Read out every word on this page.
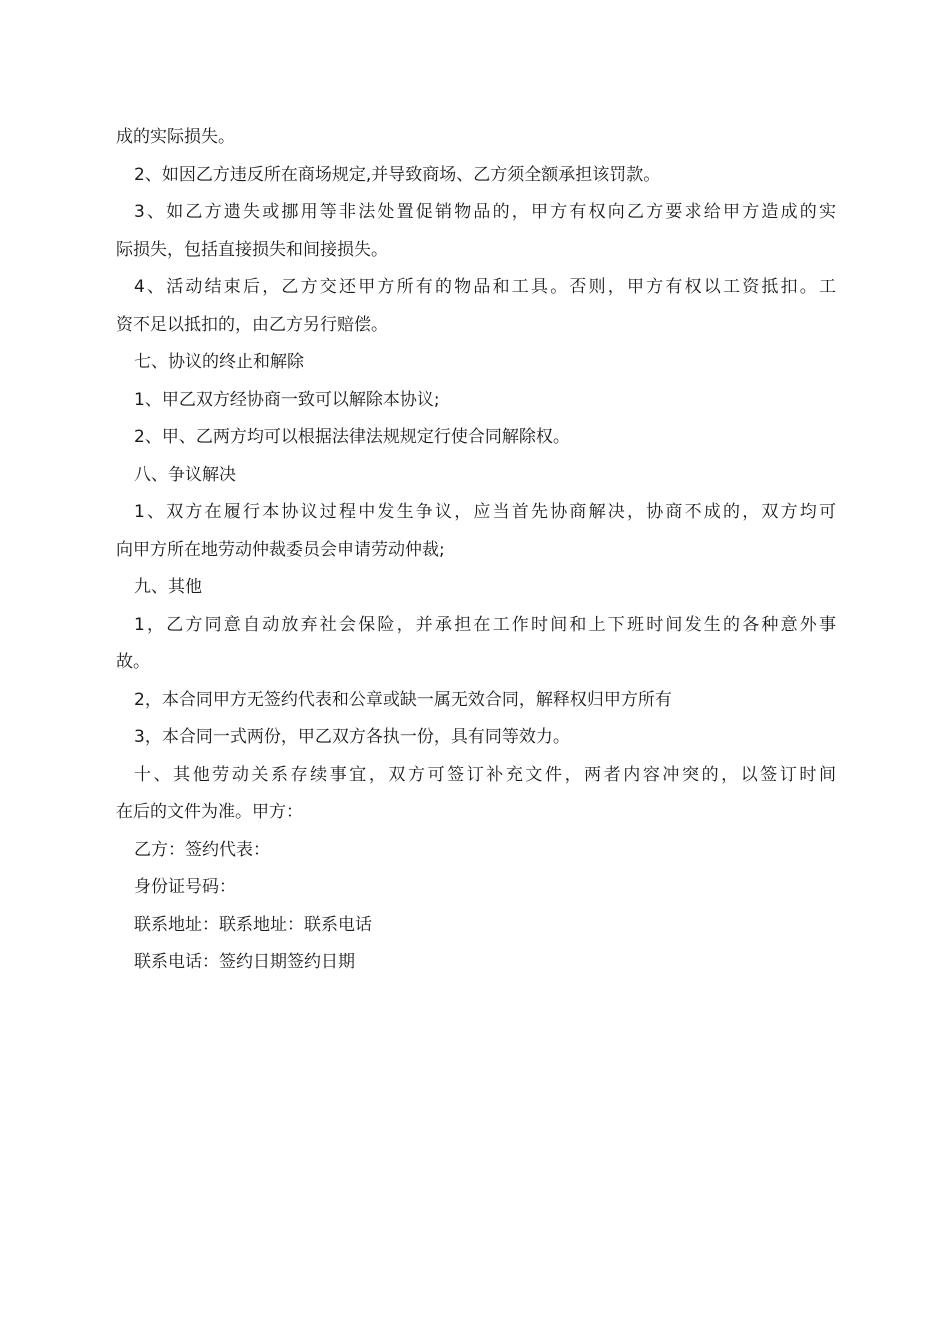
成的实际损失。
2、如因乙方违反所在商场规定,并导致商场、乙方须全额承担该罚款。
3、如乙方遗失或挪用等非法处置促销物品的，甲方有权向乙方要求给甲方造成的实
际损失，包括直接损失和间接损失。
4、活动结束后，乙方交还甲方所有的物品和工具。否则，甲方有权以工资抵扣。工
资不足以抵扣的，由乙方另行赔偿。
七、协议的终止和解除
1、甲乙双方经协商一致可以解除本协议;
2、甲、乙两方均可以根据法律法规规定行使合同解除权。
八、争议解决
1、双方在履行本协议过程中发生争议，应当首先协商解决，协商不成的，双方均可
向甲方所在地劳动仲裁委员会申请劳动仲裁;
九、其他
1，乙方同意自动放弃社会保险，并承担在工作时间和上下班时间发生的各种意外事
故。
2，本合同甲方无签约代表和公章或缺一属无效合同，解释权归甲方所有
3，本合同一式两份，甲乙双方各执一份，具有同等效力。
十、其他劳动关系存续事宜，双方可签订补充文件，两者内容冲突的，以签订时间
在后的文件为准。甲方：
乙方：签约代表：
身份证号码：
联系地址：联系地址：联系电话
联系电话：签约日期签约日期
